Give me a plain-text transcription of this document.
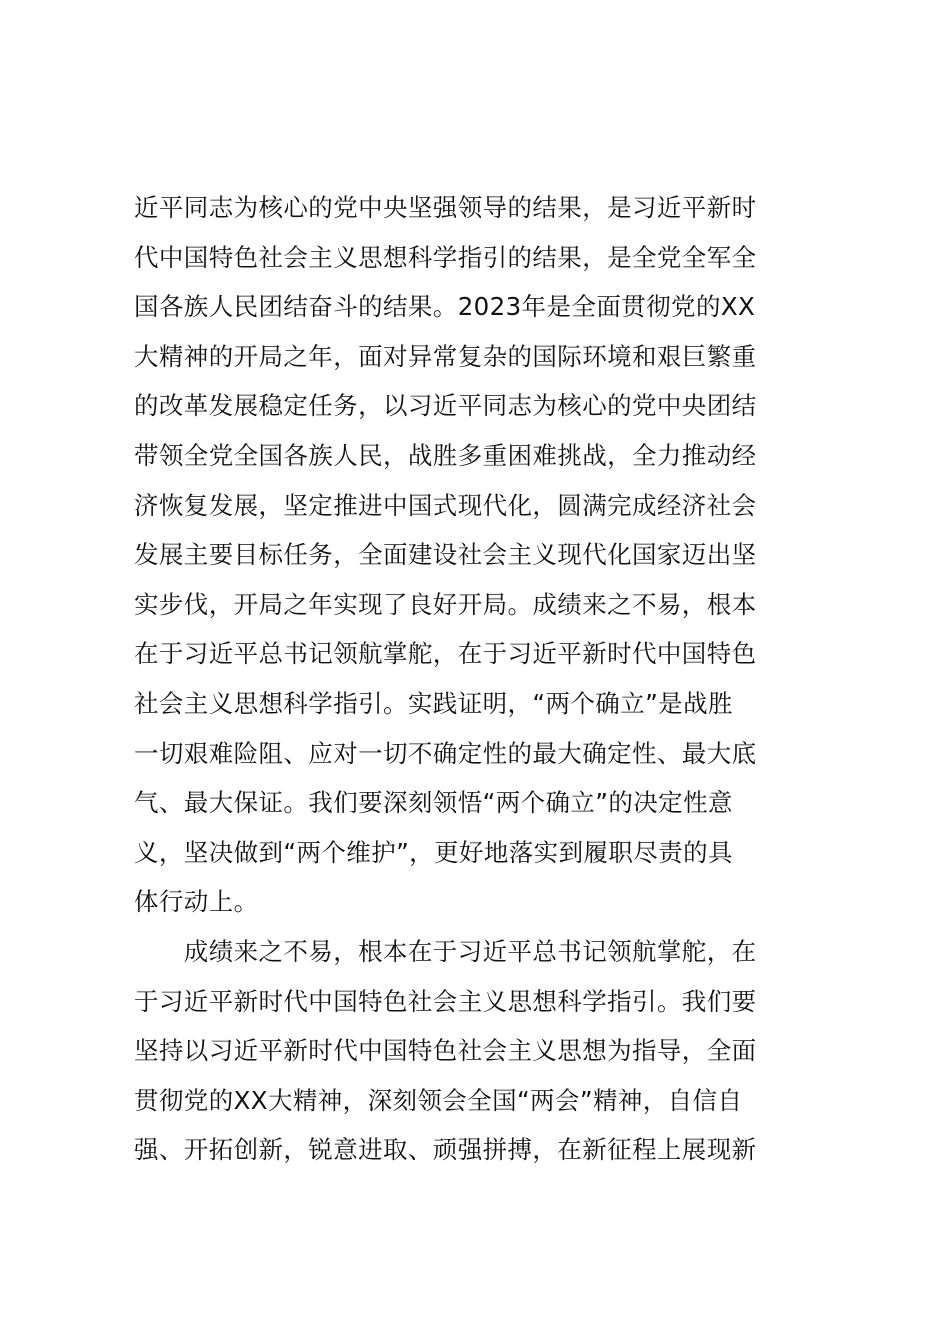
近平同志为核心的党中央坚强领导的结果，是习近平新时
代中国特色社会主义思想科学指引的结果，是全党全军全
国各族人民团结奋斗的结果。2023年是全面贯彻党的XX
大精神的开局之年，面对异常复杂的国际环境和艰巨繁重
的改革发展稳定任务，以习近平同志为核心的党中央团结
带领全党全国各族人民，战胜多重困难挑战，全力推动经
济恢复发展，坚定推进中国式现代化，圆满完成经济社会
发展主要目标任务，全面建设社会主义现代化国家迈出坚
实步伐，开局之年实现了良好开局。成绩来之不易，根本
在于习近平总书记领航掌舵，在于习近平新时代中国特色
社会主义思想科学指引。实践证明，“两个确立”是战胜
一切艰难险阻、应对一切不确定性的最大确定性、最大底
气、最大保证。我们要深刻领悟“两个确立”的决定性意
义，坚决做到“两个维护”，更好地落实到履职尽责的具
体行动上。
　　成绩来之不易，根本在于习近平总书记领航掌舵，在
于习近平新时代中国特色社会主义思想科学指引。我们要
坚持以习近平新时代中国特色社会主义思想为指导，全面
贯彻党的XX大精神，深刻领会全国“两会”精神，自信自
强、开拓创新，锐意进取、顽强拼搏，在新征程上展现新
